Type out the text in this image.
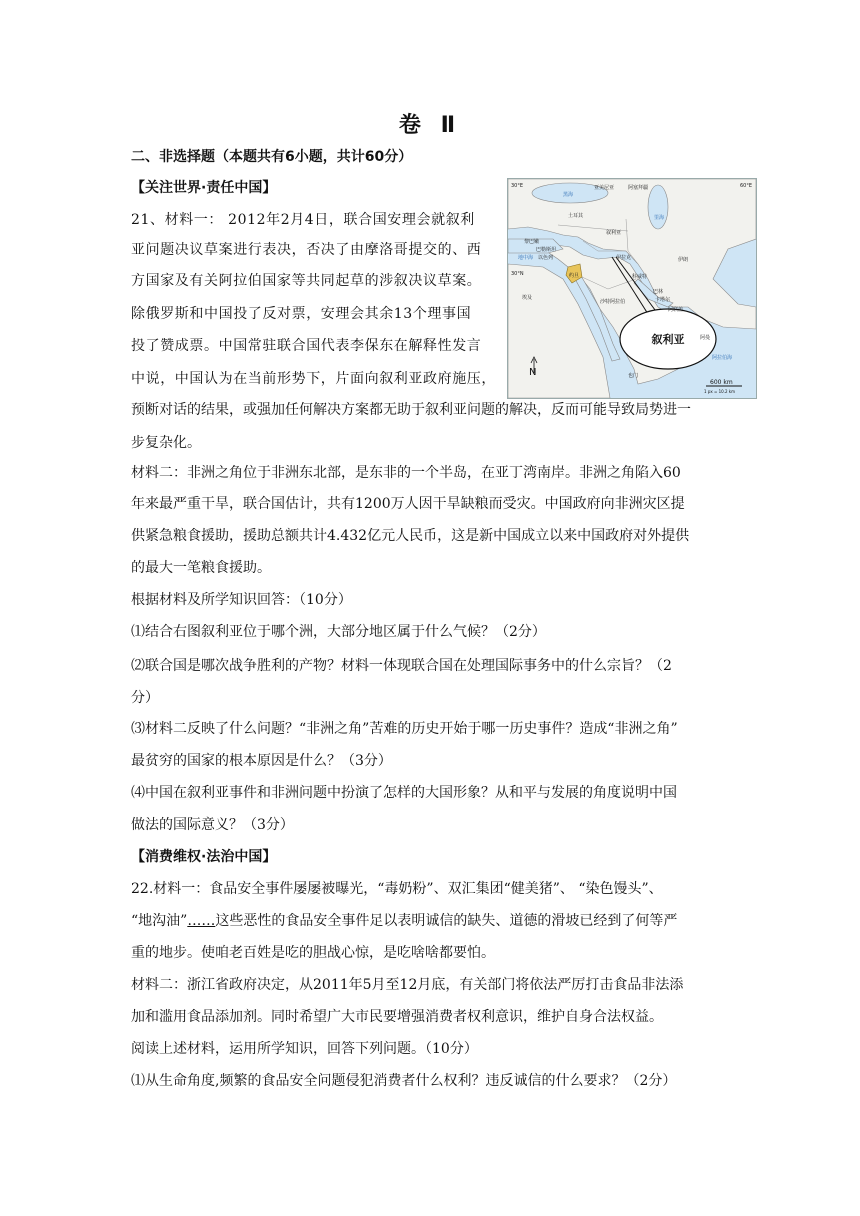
卷 Ⅱ
二、非选择题（本题共有6小题，共计60分）
【关注世界·责任中国】
21、材料一： 2012年2月4日，联合国安理会就叙利
亚问题决议草案进行表决，否决了由摩洛哥提交的、西
方国家及有关阿拉伯国家等共同起草的涉叙决议草案。
除俄罗斯和中国投了反对票，安理会其余13个理事国
投了赞成票。中国常驻联合国代表李保东在解释性发言
中说，中国认为在当前形势下，片面向叙利亚政府施压，
预断对话的结果，或强加任何解决方案都无助于叙利亚问题的解决，反而可能导致局势进一
步复杂化。
材料二：非洲之角位于非洲东北部，是东非的一个半岛，在亚丁湾南岸。非洲之角陷入60
年来最严重干旱，联合国估计，共有1200万人因干旱缺粮而受灾。中国政府向非洲灾区提
供紧急粮食援助，援助总额共计4.432亿元人民币，这是新中国成立以来中国政府对外提供
的最大一笔粮食援助。
根据材料及所学知识回答：（10分）
⑴结合右图叙利亚位于哪个洲，大部分地区属于什么气候？（2分）
⑵联合国是哪次战争胜利的产物？材料一体现联合国在处理国际事务中的什么宗旨？（2
分）
⑶材料二反映了什么问题？“非洲之角”苦难的历史开始于哪一历史事件？造成“非洲之角”
最贫穷的国家的根本原因是什么？（3分）
⑷中国在叙利亚事件和非洲问题中扮演了怎样的大国形象？从和平与发展的角度说明中国
做法的国际意义？（3分）
【消费维权·法治中国】
22.材料一：食品安全事件屡屡被曝光，“毒奶粉”、双汇集团“健美猪”、 “染色馒头”、
“地沟油”……这些恶性的食品安全事件足以表明诚信的缺失、道德的滑坡已经到了何等严
重的地步。使咱老百姓是吃的胆战心惊，是吃啥啥都要怕。
材料二：浙江省政府决定，从2011年5月至12月底，有关部门将依法严厉打击食品非法添
加和滥用食品添加剂。同时希望广大市民要增强消费者权利意识，维护自身合法权益。
阅读上述材料，运用所学知识，回答下列问题。（10分）
⑴从生命角度,频繁的食品安全问题侵犯消费者什么权利？违反诚信的什么要求？（2分）
叙利亚
黑海
亚美尼亚	阿塞拜疆
土耳其	里海
叙利亚
黎巴嫩
巴勒斯坦
以色列
约旦
伊拉克	伊朗
地中海
埃及
科威特
巴林
卡塔尔
沙特阿拉伯
阿联酋
阿曼
也门
阿拉伯海
30°N
30°E	60°E
N
600 km
1 px = 10.2 km
